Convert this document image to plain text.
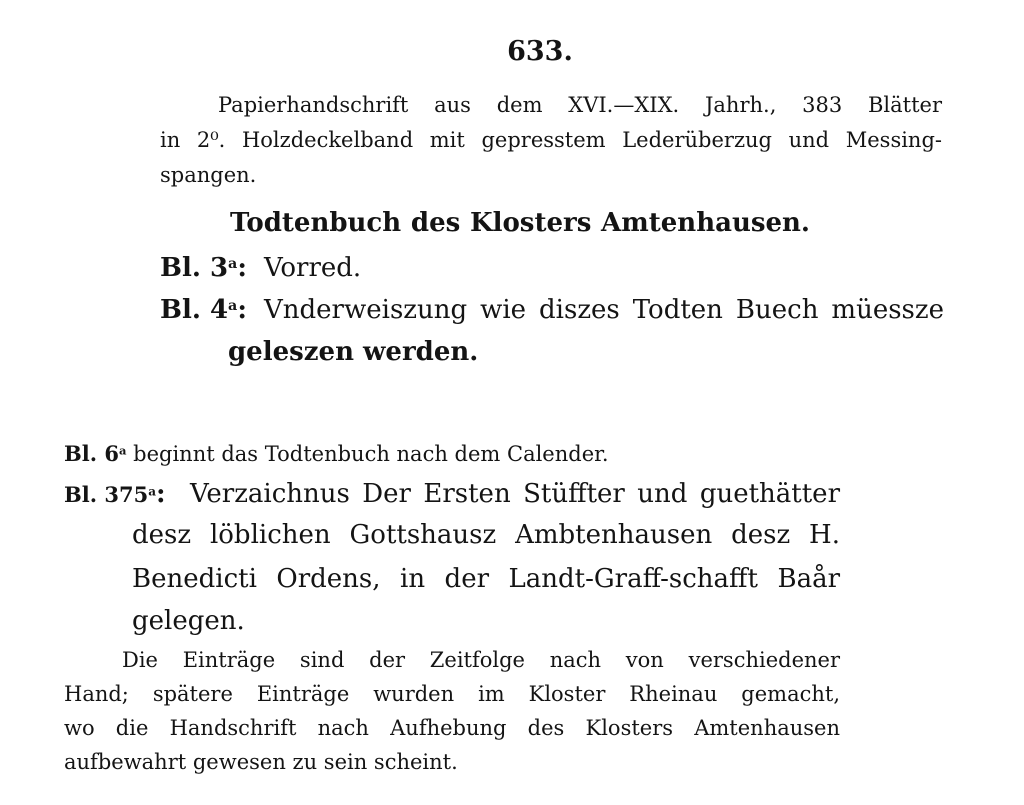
633.
Papierhandschrift aus dem XVI.—XIX. Jahrh., 383 Blätter
in 2⁰. Holzdeckelband mit gepresstem Lederüberzug und Messing-
spangen.
Todtenbuch des Klosters Amtenhausen.
Bl. 3$^a$: Vorred.
Bl. 4$^a$: Vnderweiszung wie diszes Todten Buech müessze
geleszen werden.
Bl. 6$^a$ beginnt das Todtenbuch nach dem Calender.
Bl. 375$^a$: Verzaichnus Der Ersten Stüffter und guethätter
desz löblichen Gottshausz Ambtenhausen desz H.
Benedicti Ordens, in der Landt-Graff-schafft Baår
gelegen.
Die Einträge sind der Zeitfolge nach von verschiedener
Hand; spätere Einträge wurden im Kloster Rheinau gemacht,
wo die Handschrift nach Aufhebung des Klosters Amtenhausen
aufbewahrt gewesen zu sein scheint.
